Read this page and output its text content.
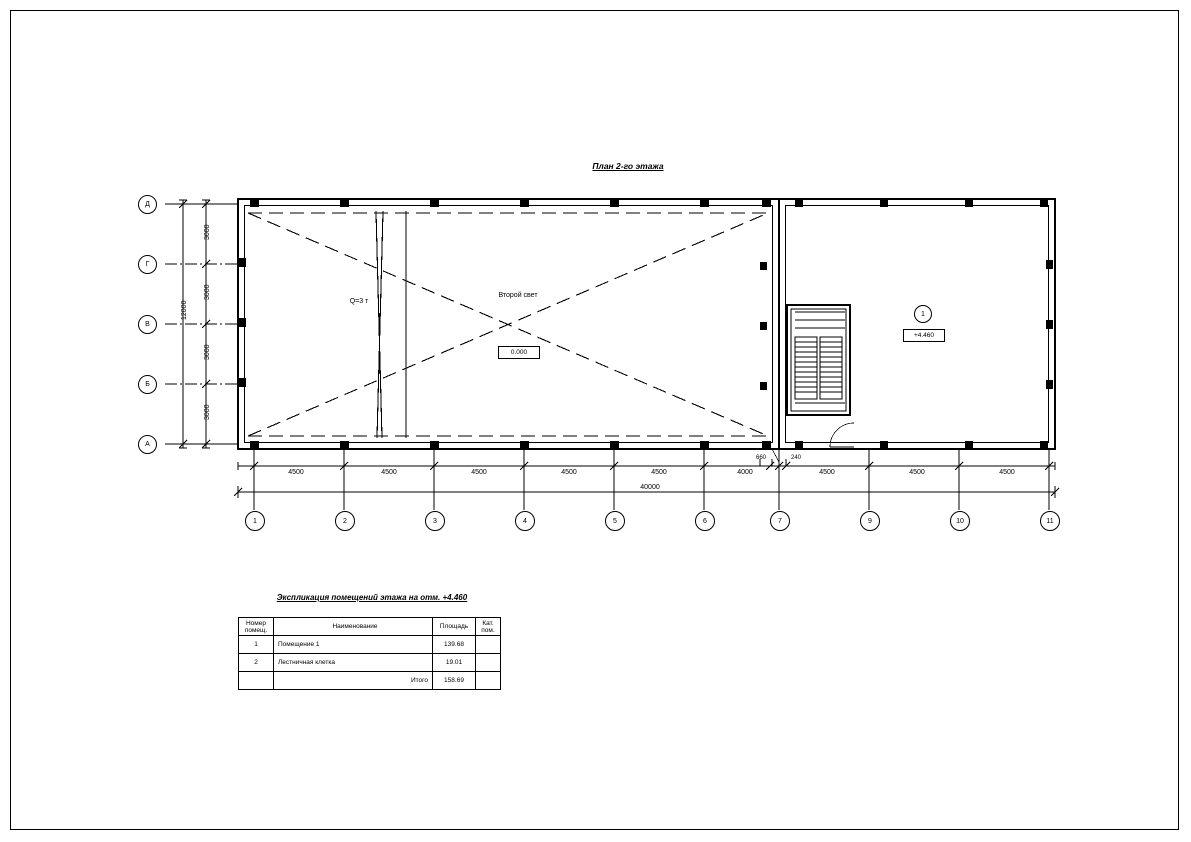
План 2-го этажа
Д
Г
В
Б
А
3000
3000
3000
3000
12000
1	2	3	4	5	6	7	9	10	11
4500	4500	4500	4500	4500	4000	4500	4500	4500
660	240
40000
Второй свет
Q=3 т
0.000
+4.460
1
Экспликация помещений этажа на отм. +4.460
Номер
помещ.	Наименование	Площадь	Кат.
пом.

1	Помещение 1	139.68	
2	Лестничная клетка	19.01	
	Итого	158.69	
